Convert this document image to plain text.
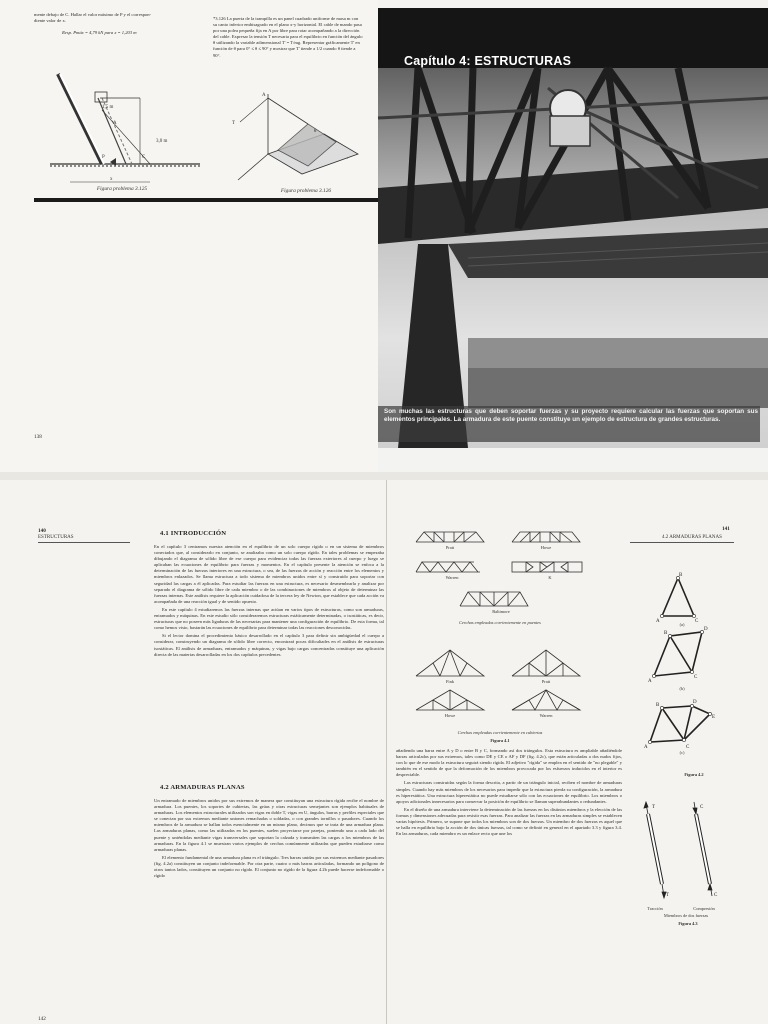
mente debajo de C. Hallar el valor máximo de P y el correspon-
diente valor de x.
Resp. Pmáx = 4,79 kN para x = 1,203 m
*3.126 La puerta de la trampilla es un panel cuadrado uniforme de masa m con su canto inferior embisagrado en el plano x-y horizontal. El cable de mando pasa por una polea pequeña fija en A por libre para rotar acompañando a la dirección del cable. Expresar la tensión T necesaria para el equilibrio en función del ángulo θ utilizando la variable adimensional T' = T/mg. Representar gráficamente T' en función de θ para 0° ≤ θ ≤ 90° y mostrar que T' tiende a 1/2 cuando θ tiende a 90°.
3,0 m
1,5 m
A
P	C
x
Figura problema 3.125
A
T
θ
Figura problema 3.126
138
Capítulo 4: ESTRUCTURAS
Son muchas las estructuras que deben soportar fuerzas y su proyecto requiere calcular las fuerzas que soportan sus elementos principales. La armadura de este puente constituye un ejemplo de estructura de grandes estructuras.
140
ESTRUCTURAS
4.1 INTRODUCCIÓN

En el capítulo 3 centramos nuestra atención en el equilibrio de un solo cuerpo rígido o en un sistema de miembros conectados que, al considerarlo en conjunto, se analizaba como un solo cuerpo rígido. En tales problemas se empezaba dibujando el diagrama de sólido libre de ese cuerpo para evidenciar todas las fuerzas exteriores al cuerpo y luego se aplicaban las ecuaciones de equilibrio para fuerzas y momentos. En el capítulo presente la atención se enfoca a la determinación de las fuerzas interiores en una estructura, o sea, de las fuerzas de acción y reacción entre los elementos y miembros enlazados. Se llama estructura a todo sistema de miembros unidos entre sí y construido para soportar con seguridad las cargas a él aplicadas. Para estudiar las fuerzas en una estructura, es necesario desmembrarla y analizar por separado el diagrama de sólido libre de cada miembro o de las combinaciones de miembros al objeto de determinar las fuerzas internas. Este análisis requiere la aplicación cuidadosa de la tercera ley de Newton, que establece que cada acción va acompañada de una reacción igual y de sentido opuesto.

En este capítulo 4 estudiaremos las fuerzas internas que actúan en varios tipos de estructuras, como son armaduras, entramados y máquinas. En este estudio sólo consideraremos estructuras estáticamente determinadas, o isostáticas, es decir, estructuras que no poseen más ligaduras de las necesarias para mantener una configuración de equilibrio. De esta forma, tal como hemos visto, bastarán las ecuaciones de equilibrio para determinar todas las reacciones desconocidas.

Si el lector domina el procedimiento básico desarrollado en el capítulo 3 para definir sin ambigüedad el cuerpo a considerar, construyendo un diagrama de sólido libre correcto, encontrará pocas dificultades en el análisis de estructuras isostáticas. El análisis de armaduras, entramados y máquinas, y vigas bajo cargas concentradas constituye una aplicación directa de las materias desarrolladas en los dos capítulos precedentes.

4.2 ARMADURAS PLANAS

Un entramado de miembros unidos por sus extremos de manera que constituyan una estructura rígida recibe el nombre de armadura. Los puentes, los soportes de cubiertas, las grúas y otras estructuras semejantes son ejemplos habituales de armaduras. Los elementos estructurales utilizados son vigas en doble T, vigas en U, ángulos, barras y perfiles especiales que se conectan por sus extremos mediante uniones remachadas o soldadas, o con grandes tornillos o pasadores. Cuando los miembros de la armadura se hallan todos esencialmente en un mismo plano, decimos que se trata de una armadura plana. Las armaduras planas, como las utilizadas en los puentes, suelen proyectarse por parejas, poniendo una a cada lado del puente y uniéndolas mediante vigas transversales que soportan la calzada y transmiten las cargas a los miembros de las armaduras. En la figura 4.1 se muestran varios ejemplos de cerchas comúnmente utilizadas que pueden estudiarse como armaduras planas.

El elemento fundamental de una armadura plana es el triángulo. Tres barras unidas por sus extremos mediante pasadores (fig. 4.2a) constituyen un conjunto indeformable. Por otra parte, cuatro o más barras articuladas, formando un polígono de otros tantos lados, constituyen un conjunto no rígido. El conjunto no rígido de la figura 4.2b puede hacerse indeformable o rígido

141
4.2 ARMADURAS PLANAS
Pratt	Howe
Warren	K
Baltimore
Cerchas empleadas corrientemente en puentes
Fink	Pratt
Howe	Warren
Cerchas empleadas corrientemente en cubiertas
Figura 4.1

añadiendo una barra entre A y D o entre B y C, formando así dos triángulos. Esta estructura es ampliable añadiéndole barras articuladas por sus extremos, tales como DE y CE o AF y DF (fig. 4.2c), que están articuladas a dos nudos fijos, con lo que de ese modo la estructura seguirá siendo rígida. El adjetivo "rígida" se emplea en el sentido de "no plegable" y también en el sentido de que la deformación de los miembros provocada por los esfuerzos inducidos en el interior es despreciable.

Las estructuras construidas según la forma descrita, a partir de un triángulo inicial, reciben el nombre de armaduras simples. Cuando hay más miembros de los necesarios para impedir que la estructura pierda su configuración, la armadura es hiperestática. Una estructura hiperestática no puede estudiarse sólo con las ecuaciones de equilibrio. Los miembros o apoyos adicionales innecesarios para conservar la posición de equilibrio se llaman superabundantes o redundantes.

En el diseño de una armadura interviene la determinación de las fuerzas en los distintos miembros y la elección de las formas y dimensiones adecuadas para resistir esas fuerzas. Para analizar las fuerzas en las armaduras simples se establecen varias hipótesis. Primero, se supone que todos los miembros son de dos fuerzas. Un miembro de dos fuerzas es aquel que se halla en equilibrio bajo la acción de dos únicas fuerzas, tal como se definió en general en el apartado 3.3 y figura 3.4. En las armaduras, cada miembro es un enlace recto que une los

B
A	C
A
B
D
C
A
B
D
E
C
(a)
(b)
(c)
Figura 4.2
T
T
C
C
Tracción	Compresión
Miembros de dos fuerzas
Figura 4.3
142
